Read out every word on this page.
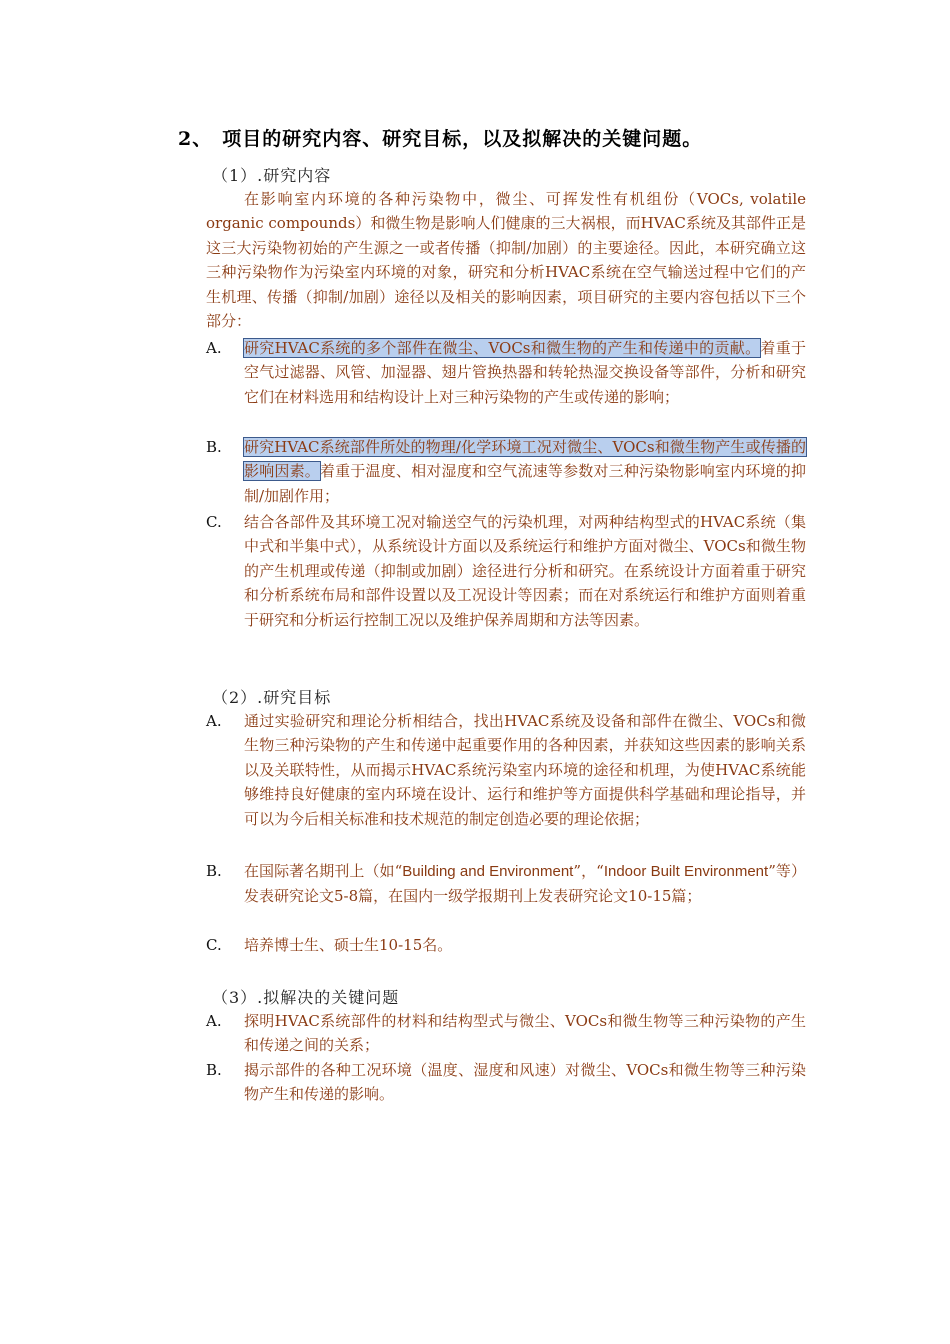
2、 项目的研究内容、研究目标，以及拟解决的关键问题。
（1）.研究内容
在影响室内环境的各种污染物中，微尘、可挥发性有机组份（VOCs, volatile organic compounds）和微生物是影响人们健康的三大祸根，而HVAC系统及其部件正是这三大污染物初始的产生源之一或者传播（抑制/加剧）的主要途径。因此，本研究确立这三种污染物作为污染室内环境的对象，研究和分析HVAC系统在空气输送过程中它们的产生机理、传播（抑制/加剧）途径以及相关的影响因素，项目研究的主要内容包括以下三个部分：
A.	研究HVAC系统的多个部件在微尘、VOCs和微生物的产生和传递中的贡献。着重于空气过滤器、风管、加湿器、翅片管换热器和转轮热湿交换设备等部件，分析和研究它们在材料选用和结构设计上对三种污染物的产生或传递的影响；
B.	研究HVAC系统部件所处的物理/化学环境工况对微尘、VOCs和微生物产生或传播的影响因素。着重于温度、相对湿度和空气流速等参数对三种污染物影响室内环境的抑制/加剧作用；
C.	结合各部件及其环境工况对输送空气的污染机理，对两种结构型式的HVAC系统（集中式和半集中式），从系统设计方面以及系统运行和维护方面对微尘、VOCs和微生物的产生机理或传递（抑制或加剧）途径进行分析和研究。在系统设计方面着重于研究和分析系统布局和部件设置以及工况设计等因素；而在对系统运行和维护方面则着重于研究和分析运行控制工况以及维护保养周期和方法等因素。
（2）.研究目标
A.	通过实验研究和理论分析相结合，找出HVAC系统及设备和部件在微尘、VOCs和微生物三种污染物的产生和传递中起重要作用的各种因素，并获知这些因素的影响关系以及关联特性，从而揭示HVAC系统污染室内环境的途径和机理，为使HVAC系统能够维持良好健康的室内环境在设计、运行和维护等方面提供科学基础和理论指导，并可以为今后相关标准和技术规范的制定创造必要的理论依据；
B.	在国际著名期刊上（如“Building and Environment”，“Indoor Built Environment”等）发表研究论文5-8篇，在国内一级学报期刊上发表研究论文10-15篇；
C.	培养博士生、硕士生10-15名。
（3）.拟解决的关键问题
A.	探明HVAC系统部件的材料和结构型式与微尘、VOCs和微生物等三种污染物的产生和传递之间的关系；
B.	揭示部件的各种工况环境（温度、湿度和风速）对微尘、VOCs和微生物等三种污染物产生和传递的影响。
